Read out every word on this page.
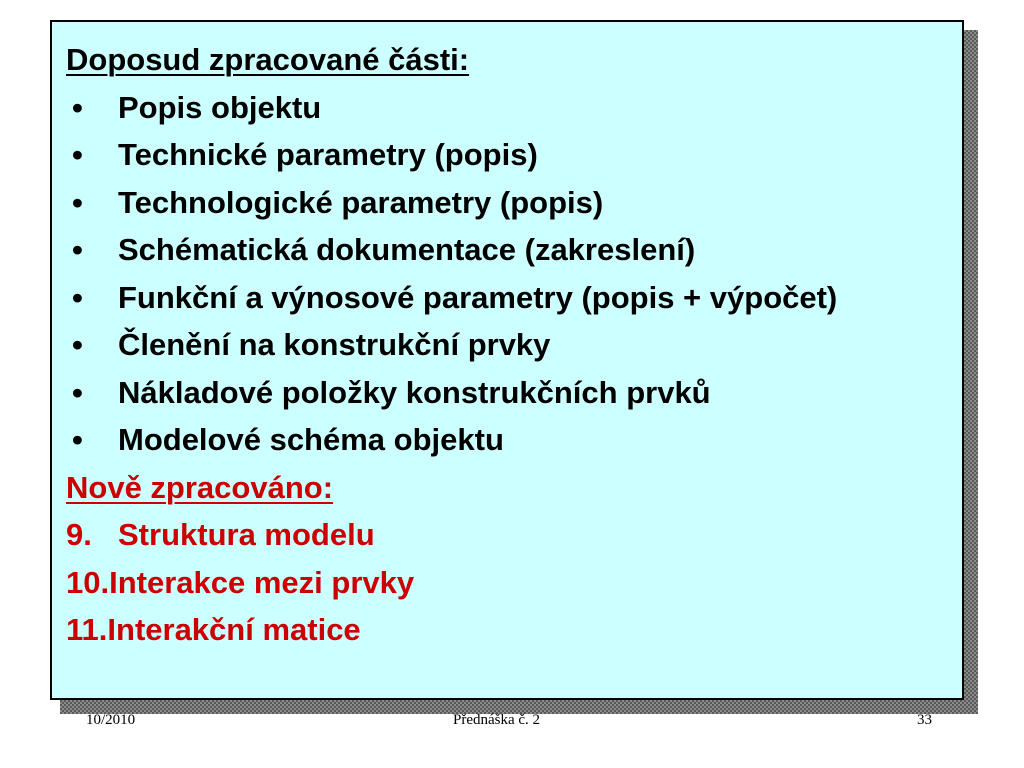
Doposud zpracované části:
•	Popis objektu
•	Technické parametry (popis)
•	Technologické parametry (popis)
•	Schématická dokumentace (zakreslení)
•	Funkční a výnosové parametry (popis + výpočet)
•	Členění na konstrukční prvky
•	Nákladové položky konstrukčních prvků
•	Modelové schéma objektu
Nově zpracováno:
9. Struktura modelu
10. Interakce mezi prvky
11. Interakční matice
10/2010	Přednáška č. 2	33
